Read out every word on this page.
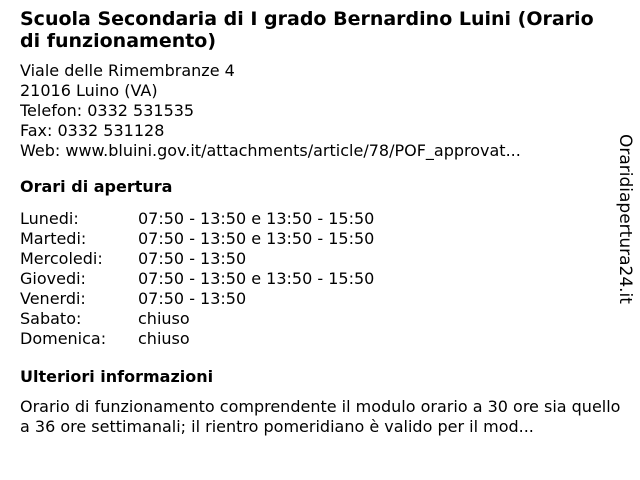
Scuola Secondaria di I grado Bernardino Luini (Orario di funzionamento)
Viale delle Rimembranze 4
21016 Luino (VA)
Telefon: 0332 531535
Fax: 0332 531128
Web: www.bluini.gov.it/attachments/article/78/POF_approvat...
Orari di apertura
Lunedi:	07:50 - 13:50 e 13:50 - 15:50
Martedi:	07:50 - 13:50 e 13:50 - 15:50
Mercoledi:	07:50 - 13:50
Giovedi:	07:50 - 13:50 e 13:50 - 15:50
Venerdi:	07:50 - 13:50
Sabato:	chiuso
Domenica:	chiuso
Ulteriori informazioni
Orario di funzionamento comprendente il modulo orario a 30 ore sia quello a 36 ore settimanali; il rientro pomeridiano è valido per il mod...
Oraridiapertura24.it
